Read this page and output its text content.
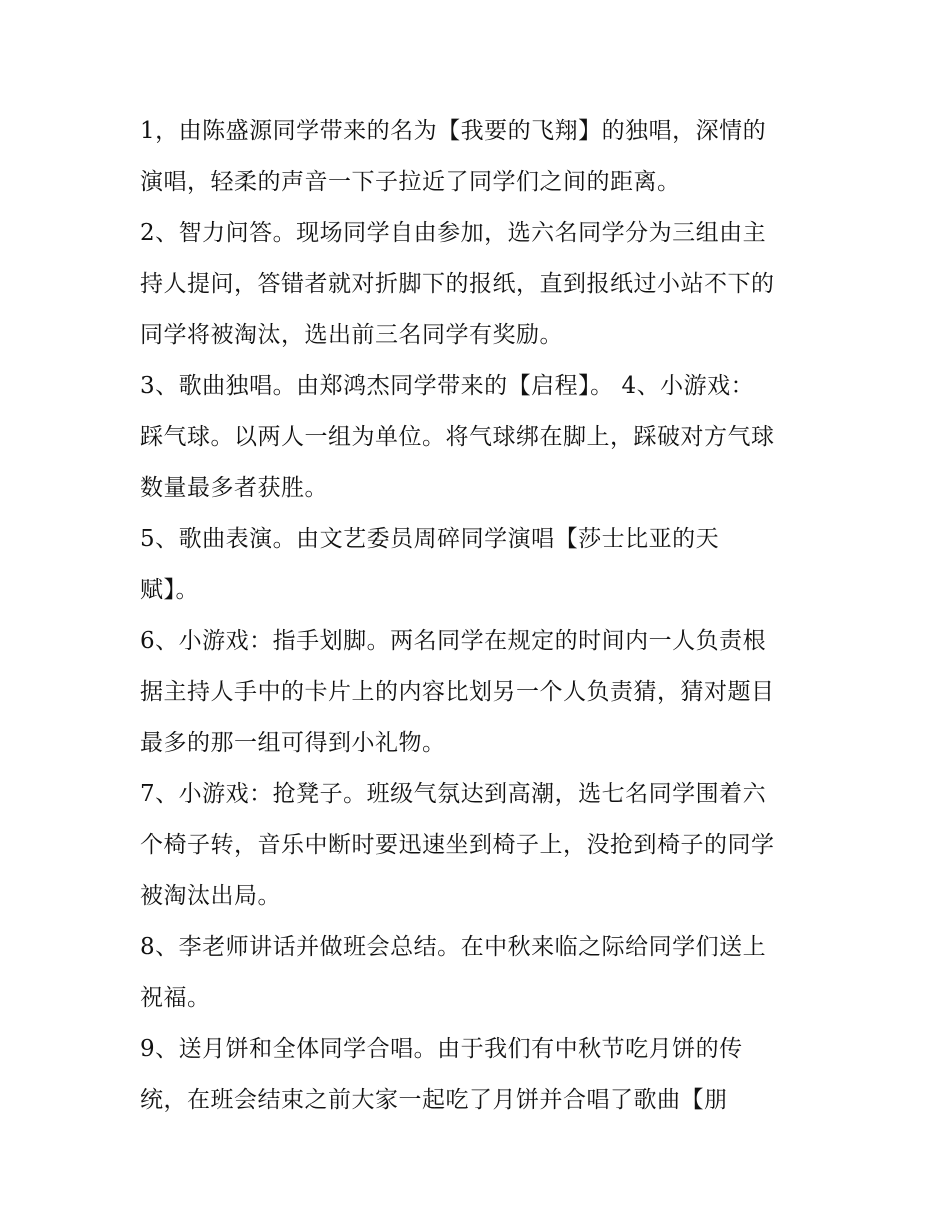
1，由陈盛源同学带来的名为【我要的飞翔】的独唱，深情的
演唱，轻柔的声音一下子拉近了同学们之间的距离。

2、智力问答。现场同学自由参加，选六名同学分为三组由主
持人提问，答错者就对折脚下的报纸，直到报纸过小站不下的
同学将被淘汰，选出前三名同学有奖励。

3、歌曲独唱。由郑鸿杰同学带来的【启程】。 4、小游戏：
踩气球。以两人一组为单位。将气球绑在脚上，踩破对方气球
数量最多者获胜。

5、歌曲表演。由文艺委员周碎同学演唱【莎士比亚的天
赋】。

6、小游戏：指手划脚。两名同学在规定的时间内一人负责根
据主持人手中的卡片上的内容比划另一个人负责猜，猜对题目
最多的那一组可得到小礼物。

7、小游戏：抢凳子。班级气氛达到高潮，选七名同学围着六
个椅子转，音乐中断时要迅速坐到椅子上，没抢到椅子的同学
被淘汰出局。

8、李老师讲话并做班会总结。在中秋来临之际给同学们送上
祝福。

9、送月饼和全体同学合唱。由于我们有中秋节吃月饼的传
统，在班会结束之前大家一起吃了月饼并合唱了歌曲【朋
